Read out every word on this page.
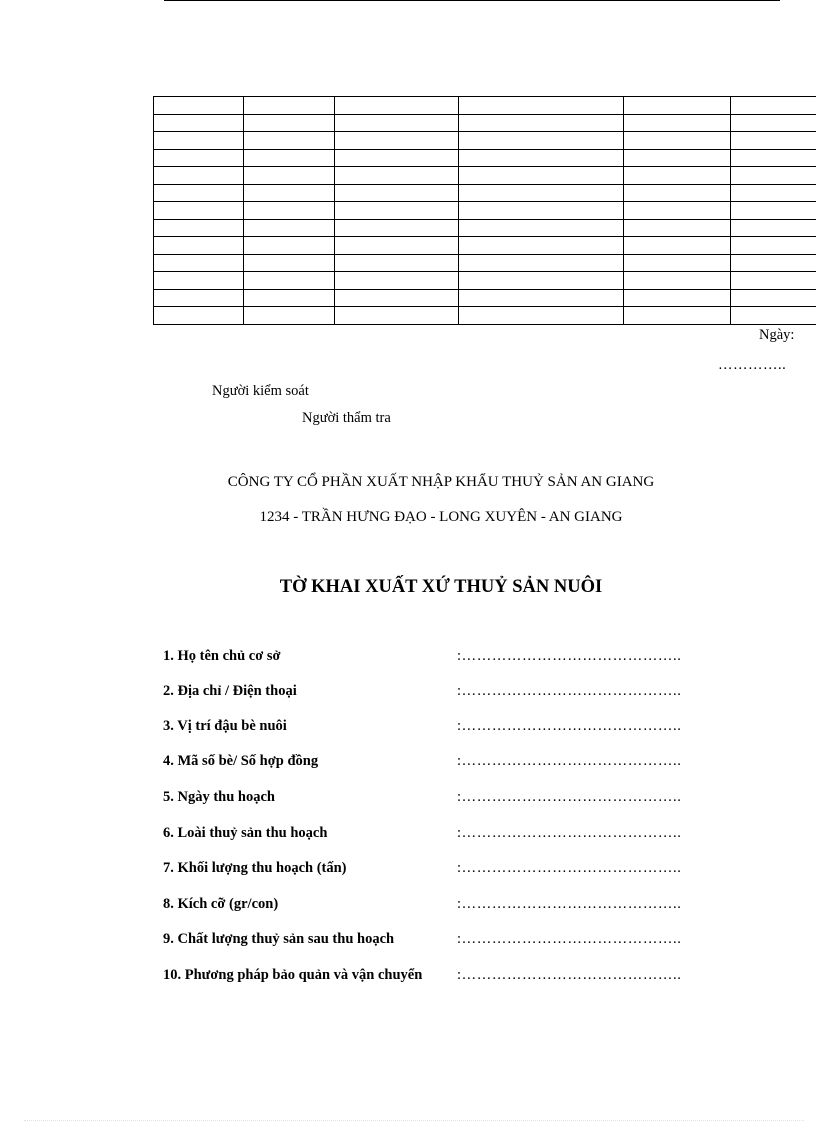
Ngày:
…………..
Người kiểm soát
Người thẩm tra
CÔNG TY CỔ PHẦN XUẤT NHẬP KHẨU THUỶ SẢN AN GIANG
1234 - TRẦN HƯNG ĐẠO - LONG XUYÊN - AN GIANG
TỜ KHAI XUẤT XỨ THUỶ SẢN NUÔI
1. Họ tên chủ cơ sở	:……………………………………..
2. Địa chỉ / Điện thoại	:……………………………………..
3. Vị trí đậu bè nuôi	:……………………………………..
4. Mã số bè/ Số hợp đồng	:……………………………………..
5. Ngày thu hoạch	:……………………………………..
6. Loài thuỷ sản thu hoạch	:……………………………………..
7. Khối lượng thu hoạch (tấn)	:……………………………………..
8. Kích cỡ (gr/con)	:……………………………………..
9. Chất lượng thuỷ sản sau thu hoạch	:……………………………………..
10. Phương pháp bảo quản và vận chuyển :……………………………………..
